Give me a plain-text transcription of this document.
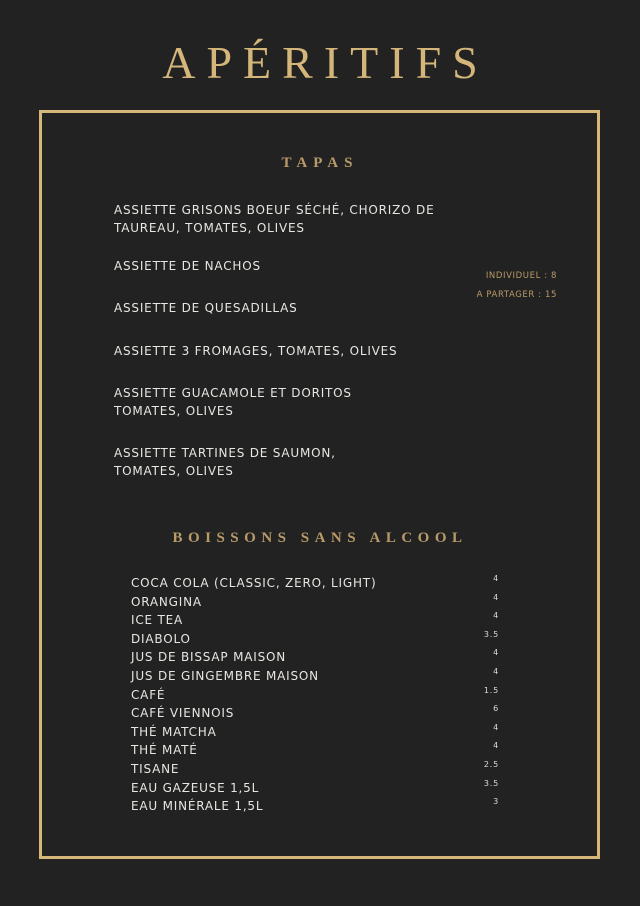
APÉRITIFS
TAPAS
ASSIETTE GRISONS BOEUF SÉCHÉ, CHORIZO DE TAUREAU, TOMATES, OLIVES
ASSIETTE DE NACHOS
ASSIETTE DE QUESADILLAS
ASSIETTE 3 FROMAGES, TOMATES, OLIVES
ASSIETTE GUACAMOLE ET DORITOS TOMATES, OLIVES
ASSIETTE TARTINES DE SAUMON, TOMATES, OLIVES
INDIVIDUEL : 8
A PARTAGER : 15
BOISSONS SANS ALCOOL
COCA COLA (CLASSIC, ZERO, LIGHT)	4
ORANGINA	4
ICE TEA	4
DIABOLO	3.5
JUS DE BISSAP MAISON	4
JUS DE GINGEMBRE MAISON	4
CAFÉ	1.5
CAFÉ VIENNOIS	6
THÉ MATCHA	4
THÉ MATÉ	4
TISANE	2.5
EAU GAZEUSE 1,5L	3.5
EAU MINÉRALE 1,5L	3
